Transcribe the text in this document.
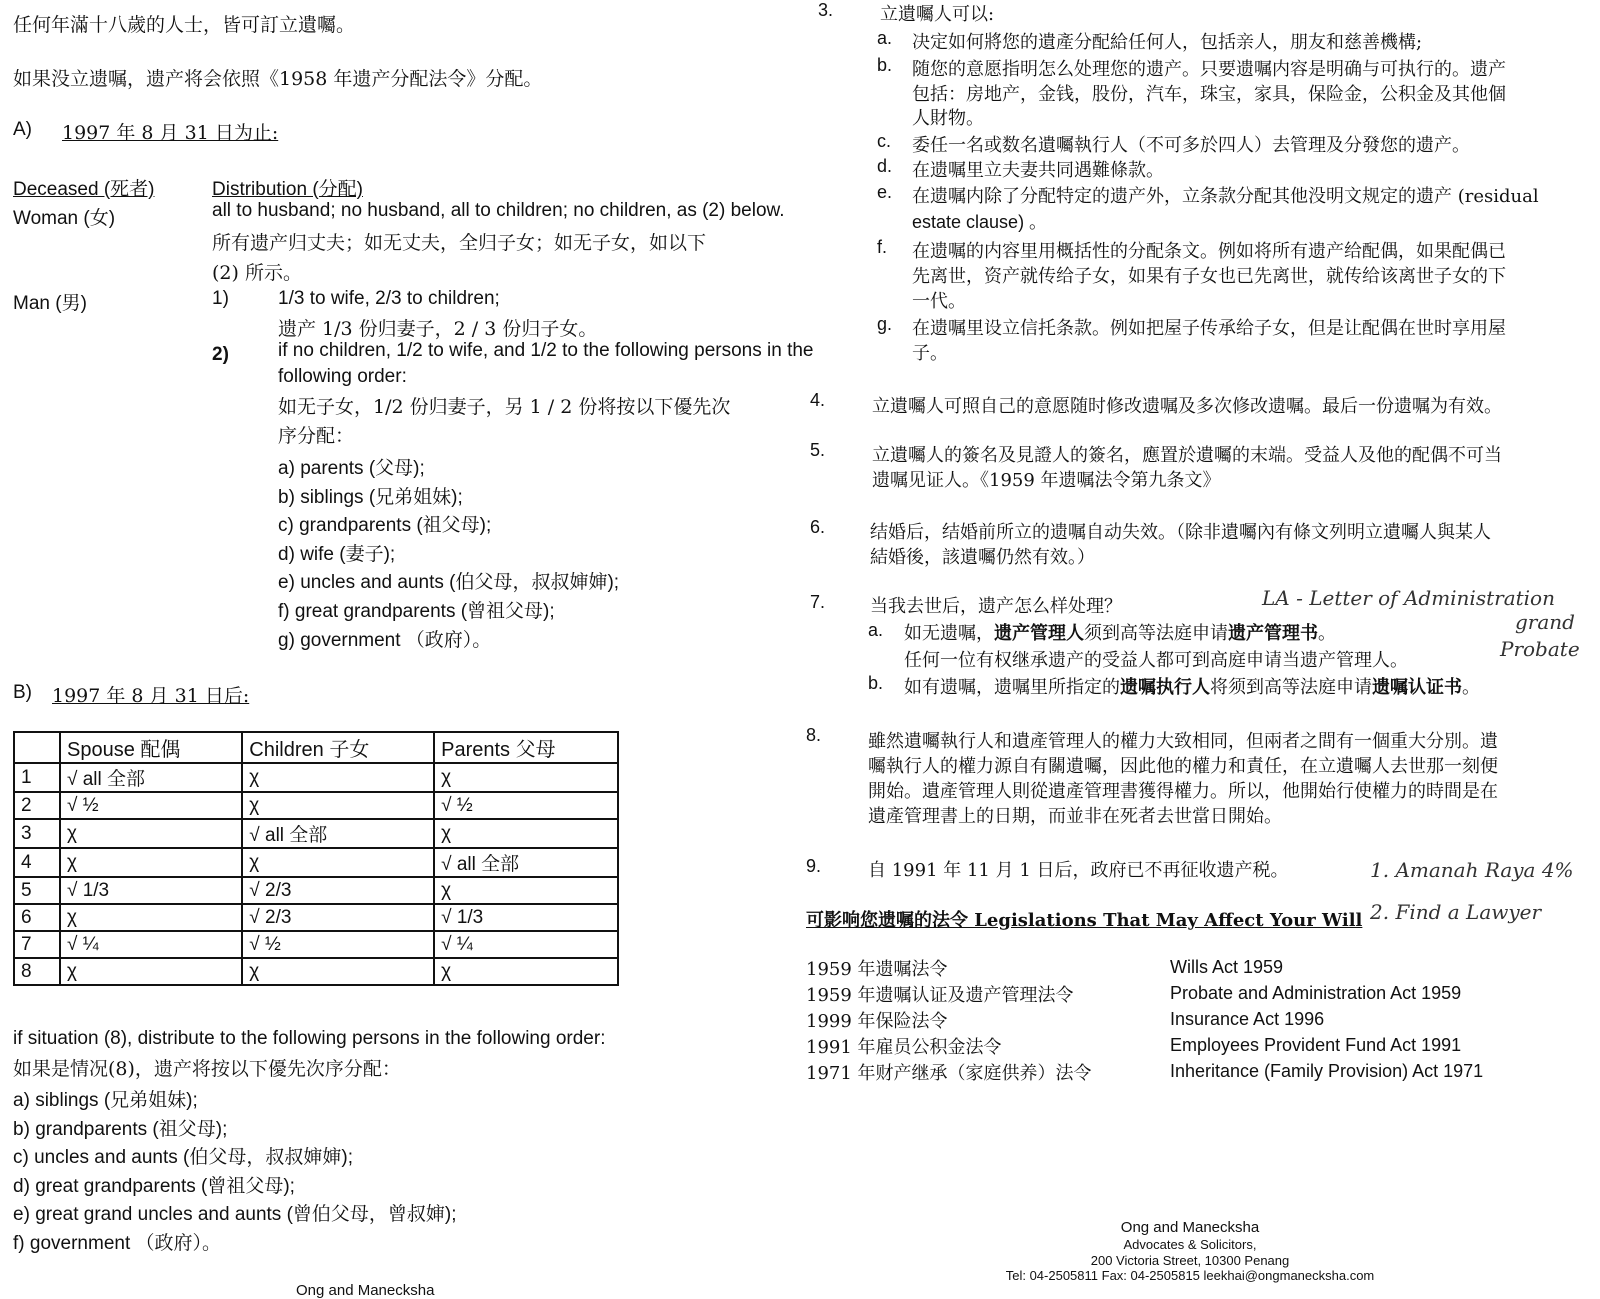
任何年滿十八歲的人士，皆可訂立遺囑。
如果没立遗嘱，遗产将会依照《1958 年遗产分配法令》分配。
A) 1997 年 8 月 31 日为止:
Deceased (死者)	Distribution (分配)
Woman (女)	all to husband; no husband, all to children; no children, as (2) below.
所有遗产归丈夫；如无丈夫，全归子女；如无子女，如以下
(2) 所示。
Man (男)	1)	1/3 to wife, 2/3 to children;
遗产 1/3 份归妻子，2 / 3 份归子女。
2)	if no children, 1/2 to wife, and 1/2 to the following persons in the
following order:
如无子女，1/2 份归妻子，另 1 / 2 份将按以下優先次
序分配：
a) parents (父母);
b) siblings (兄弟姐妹);
c) grandparents (祖父母);
d) wife (妻子);
e) uncles and aunts (伯父母，叔叔婶婶);
f) great grandparents (曾祖父母);
g) government （政府）。
B) 1997 年 8 月 31 日后:
	Spouse 配偶	Children 子女	Parents 父母
1	√ all 全部	χ	χ
2	√ ½	χ	√ ½
3	χ	√ all 全部	χ
4	χ	χ	√ all 全部
5	√ 1/3	√ 2/3	χ
6	χ	√ 2/3	√ 1/3
7	√ ¼	√ ½	√ ¼
8	χ	χ	χ
if situation (8), distribute to the following persons in the following order:
如果是情况(8)，遗产将按以下優先次序分配：
a) siblings (兄弟姐妹);
b) grandparents (祖父母);
c) uncles and aunts (伯父母，叔叔婶婶);
d) great grandparents (曾祖父母);
e) great grand uncles and aunts (曾伯父母，曾叔婶);
f) government （政府）。
Ong and Manecksha
3.	立遺囑人可以:
a. 决定如何將您的遺產分配給任何人，包括亲人，朋友和慈善機構;
b. 随您的意愿指明怎么处理您的遗产。只要遗嘱内容是明确与可执行的。遗产
包括：房地产，金钱，股份，汽车，珠宝，家具，保险金，公积金及其他個
人財物。
c. 委任一名或数名遺囑執行人（不可多於四人）去管理及分發您的遗产。
d. 在遗嘱里立夫妻共同遇難條款。
e. 在遗嘱内除了分配特定的遗产外，立条款分配其他没明文规定的遗产 (residual
estate clause) 。
f. 在遗嘱的内容里用概括性的分配条文。例如将所有遗产给配偶，如果配偶已
先离世，资产就传给子女，如果有子女也已先离世，就传给该离世子女的下
一代。
g. 在遗嘱里设立信托条款。例如把屋子传承给子女，但是让配偶在世时享用屋
子。
4.	立遺囑人可照自己的意愿随时修改遗嘱及多次修改遗嘱。最后一份遗嘱为有效。
5.	立遺囑人的簽名及見證人的簽名，應置於遺囑的末端。受益人及他的配偶不可当
遗嘱见证人。《1959 年遗嘱法令第九条文》
6. 结婚后，结婚前所立的遗嘱自动失效。（除非遺囑內有條文列明立遺囑人與某人
結婚後，該遺囑仍然有效。）
7. 当我去世后，遗产怎么样处理？
a. 如无遗嘱，遗产管理人须到高等法庭申请遗产管理书。
任何一位有权继承遗产的受益人都可到高庭申请当遗产管理人。
b. 如有遗嘱，遗嘱里所指定的遗嘱执行人将须到高等法庭申请遗嘱认证书。
8.	雖然遺囑執行人和遺產管理人的權力大致相同，但兩者之間有一個重大分別。遺
囑執行人的權力源自有關遺囑，因此他的權力和責任，在立遺囑人去世那一刻便
開始。遺產管理人則從遺產管理書獲得權力。所以，他開始行使權力的時間是在
遺產管理書上的日期，而並非在死者去世當日開始。
9.	自 1991 年 11 月 1 日后，政府已不再征收遗产税。
可影响您遗嘱的法令 Legislations That May Affect Your Will
1959 年遗嘱法令	Wills Act 1959
1959 年遗嘱认证及遗产管理法令	Probate and Administration Act 1959
1999 年保险法令	Insurance Act 1996
1991 年雇员公积金法令	Employees Provident Fund Act 1991
1971 年财产继承（家庭供养）法令	Inheritance (Family Provision) Act 1971
LA - Letter of Administration
grand
Probate
1. Amanah Raya 4%
2. Find a Lawyer
Ong and Manecksha
Advocates & Solicitors,
200 Victoria Street, 10300 Penang
Tel: 04-2505811 Fax: 04-2505815 leekhai@ongmanecksha.com
